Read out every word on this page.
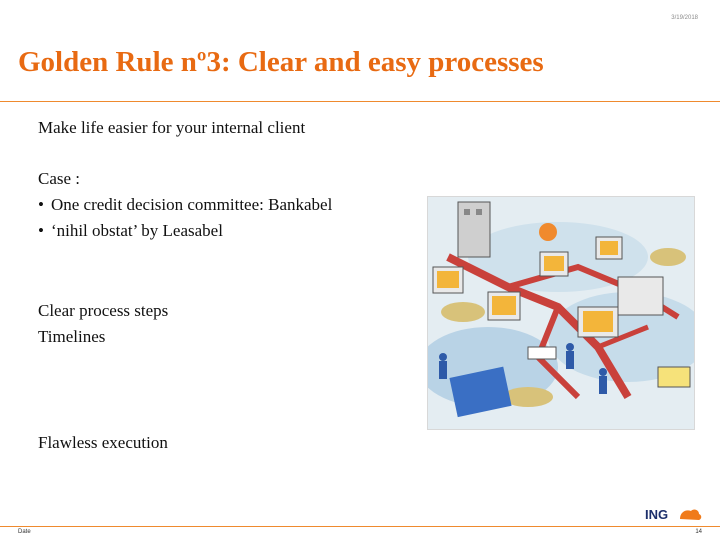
3/19/2018
Golden Rule nº3: Clear and easy processes
Make life easier for your internal client
Case :
• One credit decision committee: Bankabel
• ‘nihil obstat’ by Leasabel
Clear process steps
Timelines
Flawless execution
Date	14
ING
